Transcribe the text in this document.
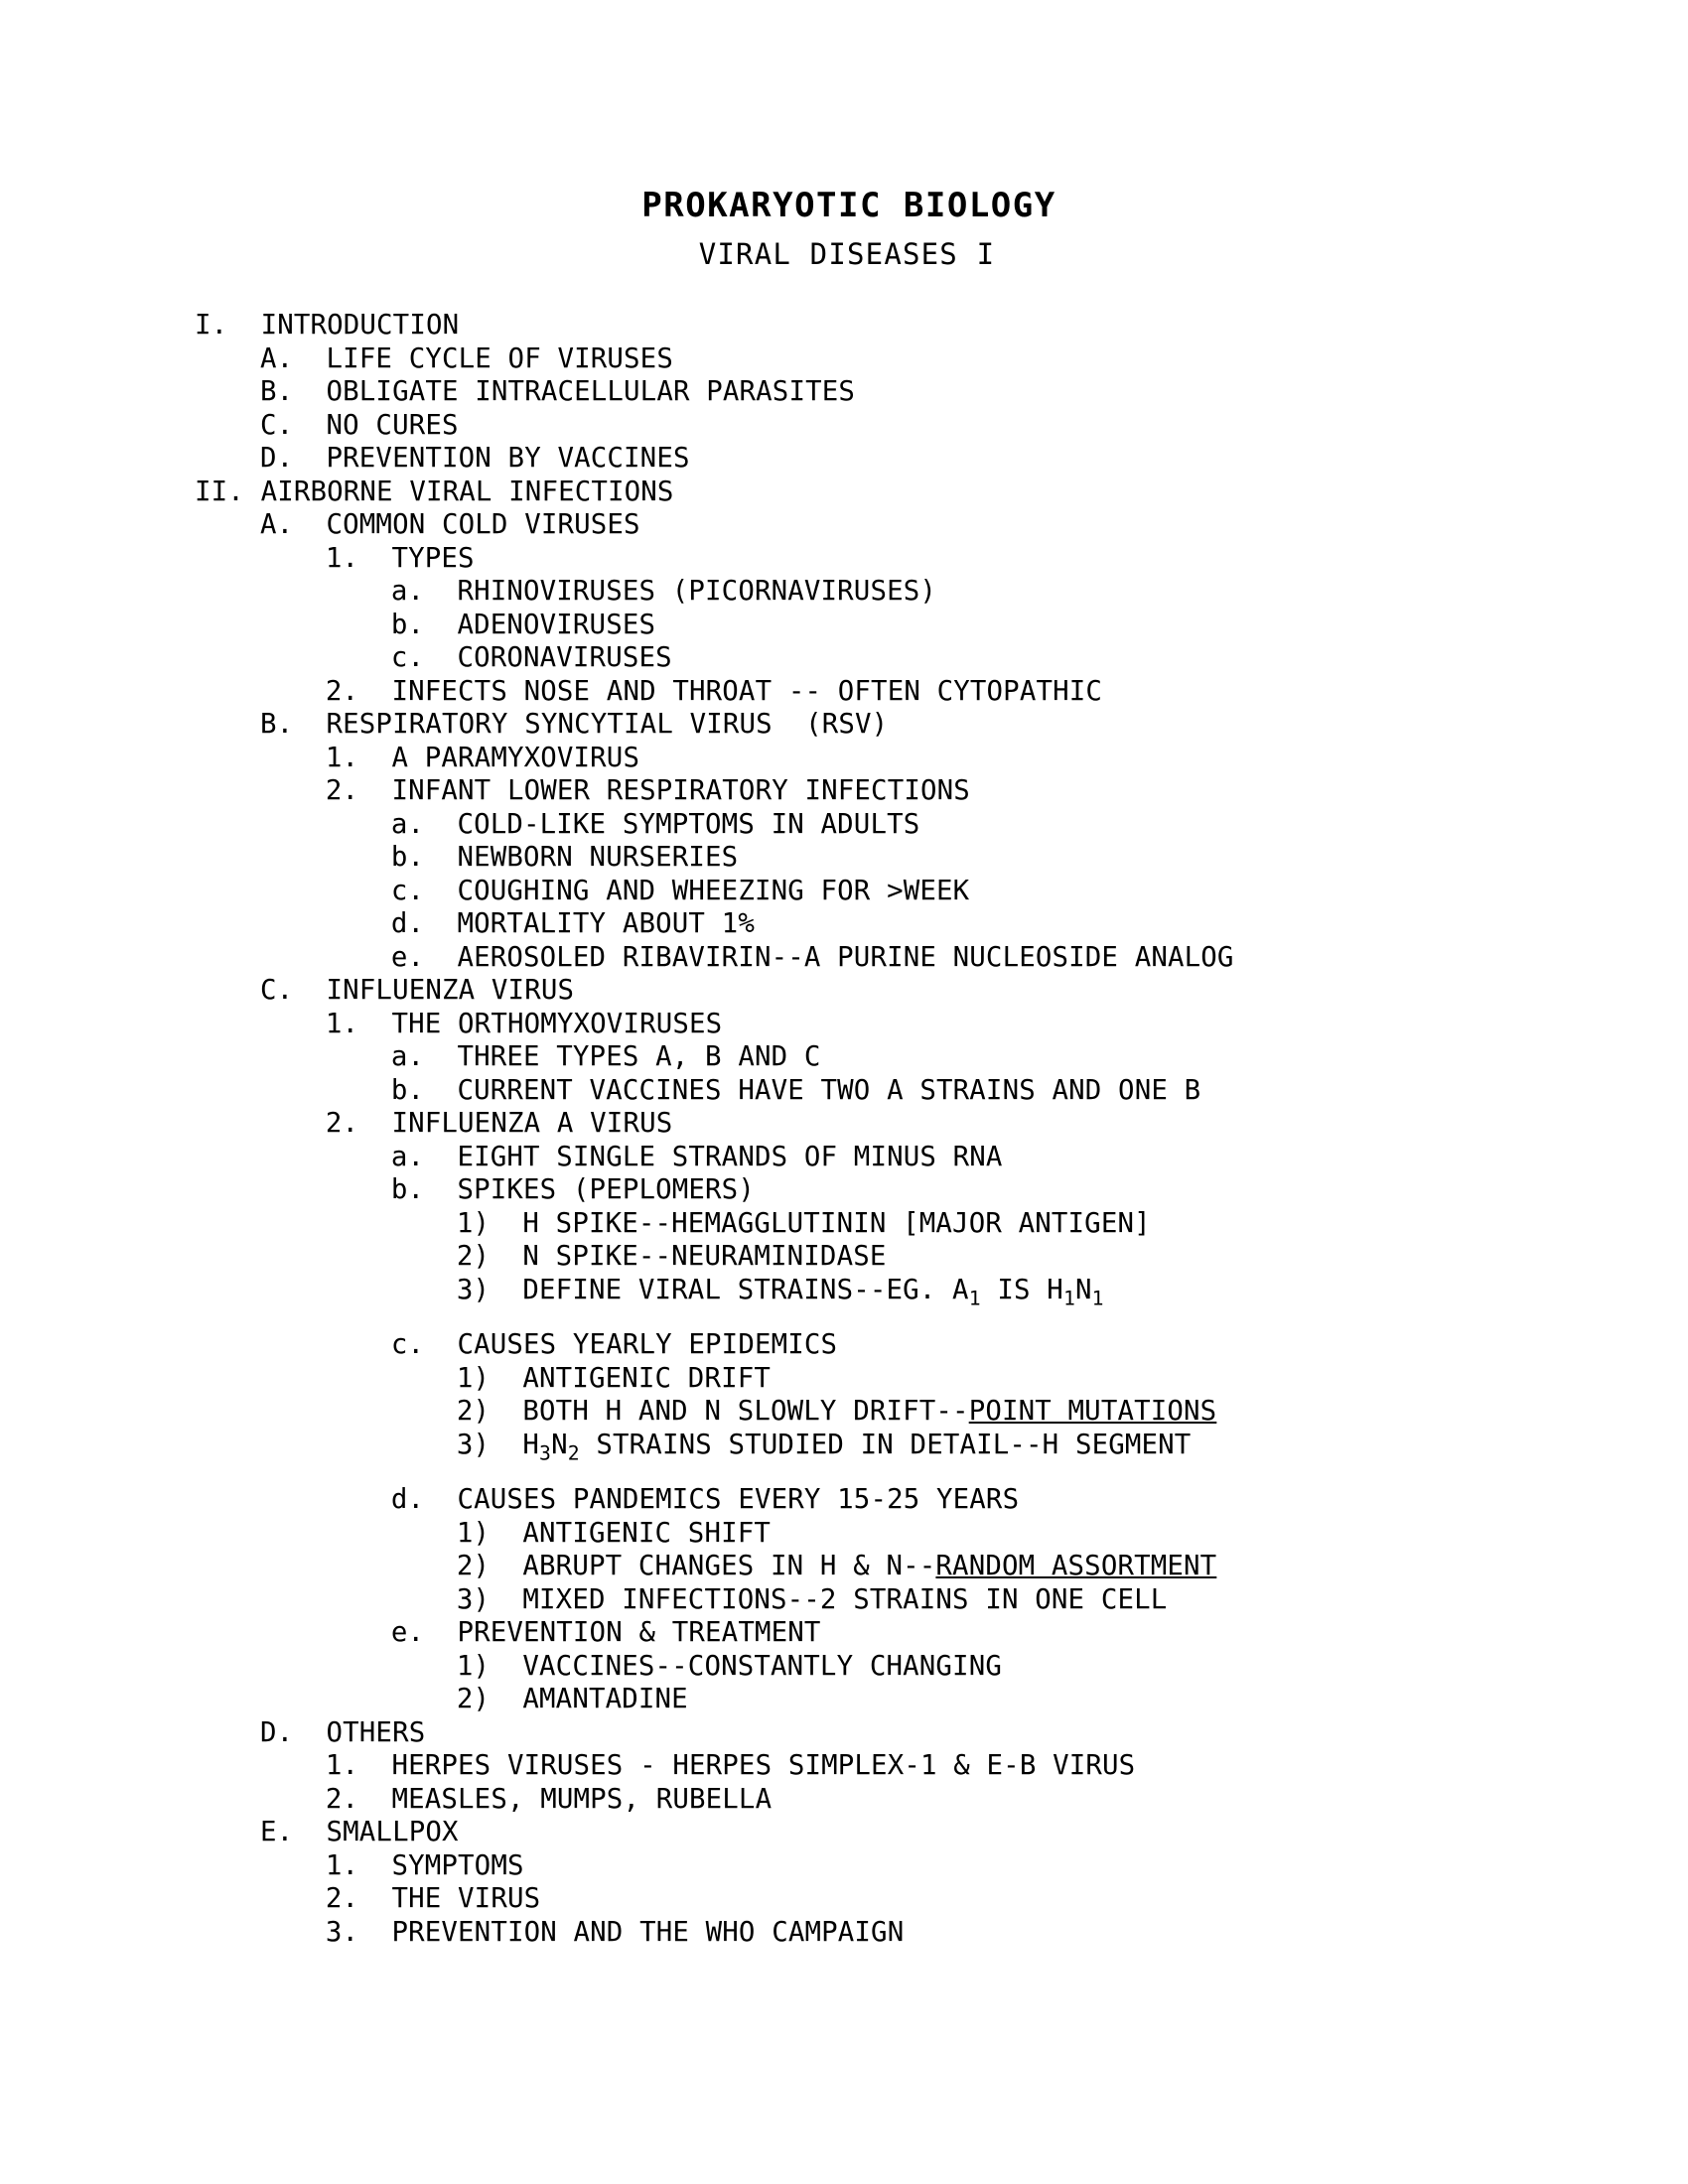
PROKARYOTIC BIOLOGY
VIRAL DISEASES I
I.  INTRODUCTION
A.  LIFE CYCLE OF VIRUSES
B.  OBLIGATE INTRACELLULAR PARASITES
C.  NO CURES
D.  PREVENTION BY VACCINES
II. AIRBORNE VIRAL INFECTIONS
A.  COMMON COLD VIRUSES
1.  TYPES
a.  RHINOVIRUSES (PICORNAVIRUSES)
b.  ADENOVIRUSES
c.  CORONAVIRUSES
2.  INFECTS NOSE AND THROAT -- OFTEN CYTOPATHIC
B.  RESPIRATORY SYNCYTIAL VIRUS  (RSV)
1.  A PARAMYXOVIRUS
2.  INFANT LOWER RESPIRATORY INFECTIONS
a.  COLD-LIKE SYMPTOMS IN ADULTS
b.  NEWBORN NURSERIES
c.  COUGHING AND WHEEZING FOR >WEEK
d.  MORTALITY ABOUT 1%
e.  AEROSOLED RIBAVIRIN--A PURINE NUCLEOSIDE ANALOG
C.  INFLUENZA VIRUS
1.  THE ORTHOMYXOVIRUSES
a.  THREE TYPES A, B AND C
b.  CURRENT VACCINES HAVE TWO A STRAINS AND ONE B
2.  INFLUENZA A VIRUS
a.  EIGHT SINGLE STRANDS OF MINUS RNA
b.  SPIKES (PEPLOMERS)
1)  H SPIKE--HEMAGGLUTININ [MAJOR ANTIGEN]
2)  N SPIKE--NEURAMINIDASE
3)  DEFINE VIRAL STRAINS--EG. $A_1$ IS $H_1N_1$
c.  CAUSES YEARLY EPIDEMICS
1)  ANTIGENIC DRIFT
2)  BOTH H AND N SLOWLY DRIFT--POINT MUTATIONS
3)  $H_3N_2$ STRAINS STUDIED IN DETAIL--H SEGMENT
d.  CAUSES PANDEMICS EVERY 15-25 YEARS
1)  ANTIGENIC SHIFT
2)  ABRUPT CHANGES IN H & N--RANDOM ASSORTMENT
3)  MIXED INFECTIONS--2 STRAINS IN ONE CELL
e.  PREVENTION & TREATMENT
1)  VACCINES--CONSTANTLY CHANGING
2)  AMANTADINE
D.  OTHERS
1.  HERPES VIRUSES - HERPES SIMPLEX-1 & E-B VIRUS
2.  MEASLES, MUMPS, RUBELLA
E.  SMALLPOX
1.  SYMPTOMS
2.  THE VIRUS
3.  PREVENTION AND THE WHO CAMPAIGN
